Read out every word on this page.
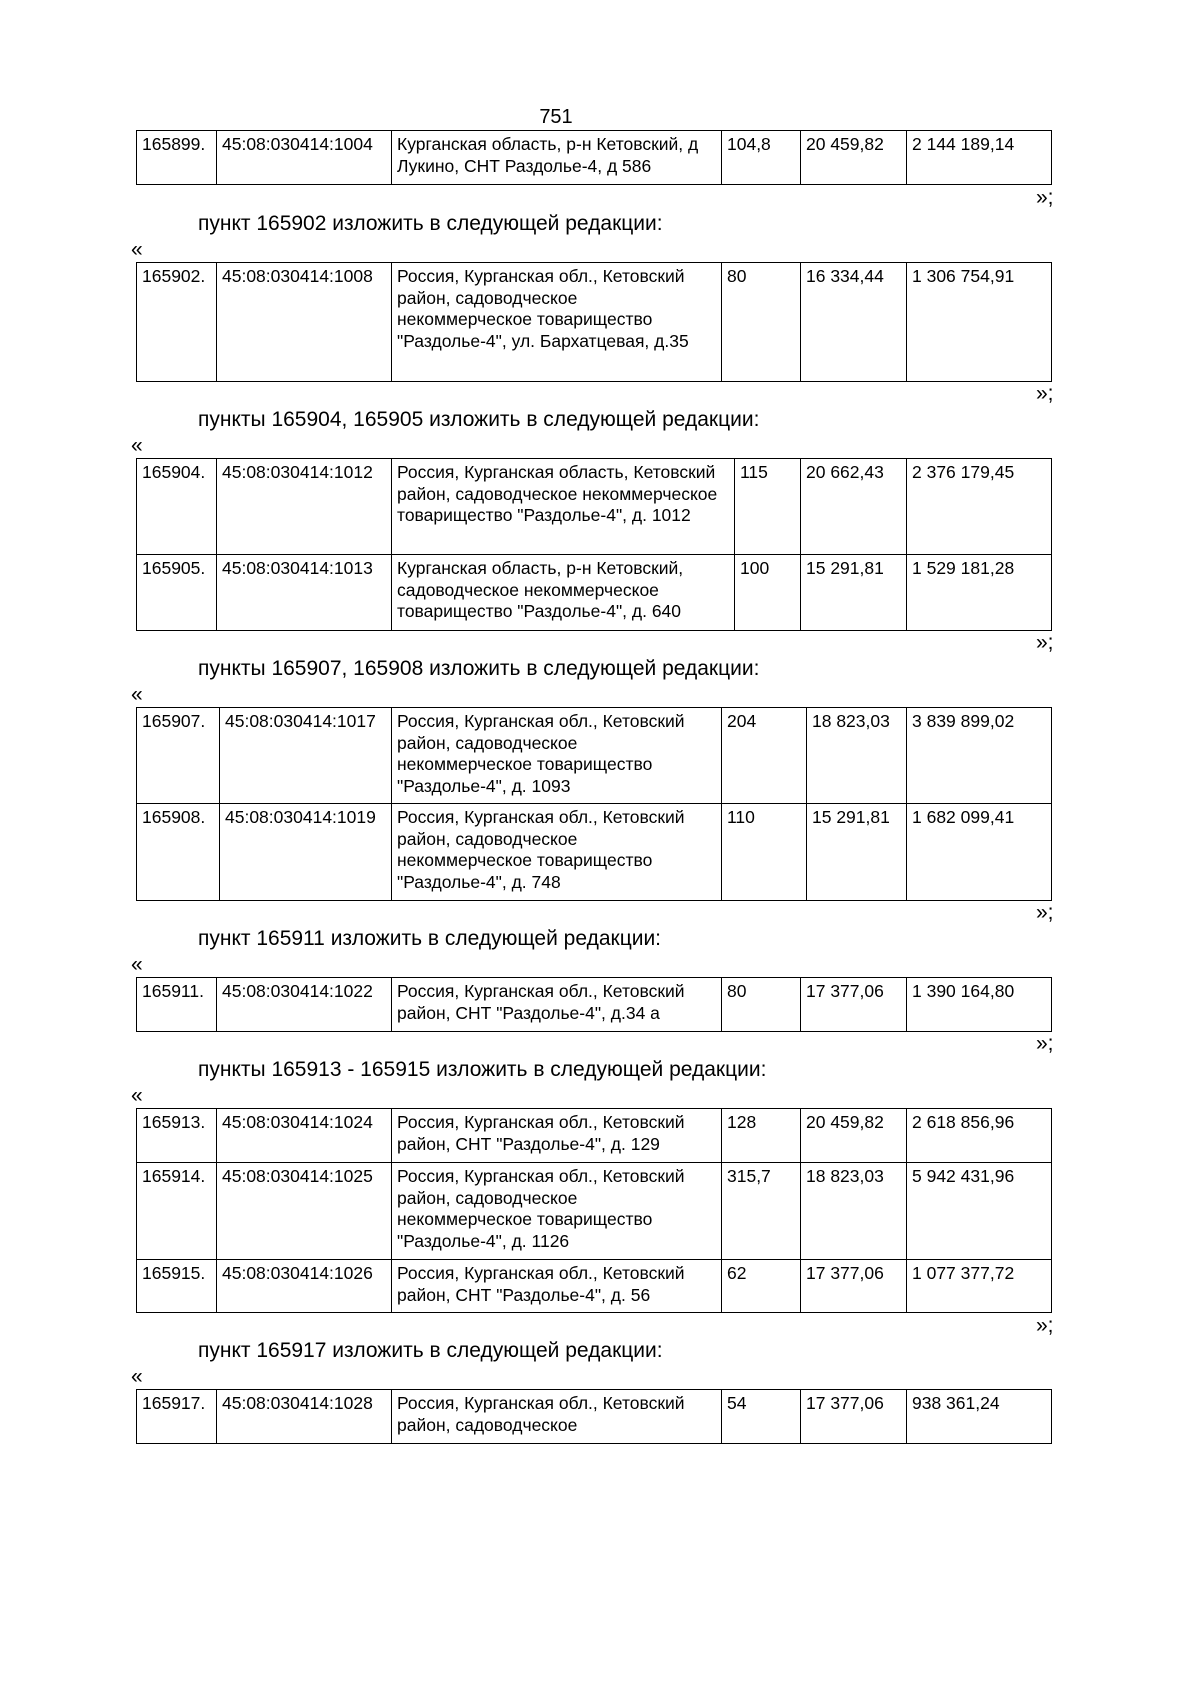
751
165899.	45:08:030414:1004	Курганская область, р-н Кетовский, д Лукино, СНТ Раздолье-4, д 586	104,8	20 459,82	2 144 189,14
»;
пункт 165902 изложить в следующей редакции:
«
165902.	45:08:030414:1008	Россия, Курганская обл., Кетовский район, садоводческое некоммерческое товарищество "Раздолье-4", ул. Бархатцевая, д.35	80	16 334,44	1 306 754,91
»;
пункты 165904, 165905 изложить в следующей редакции:
«
165904.	45:08:030414:1012	Россия, Курганская область, Кетовский район, садоводческое некоммерческое товарищество "Раздолье-4", д. 1012	115	20 662,43	2 376 179,45
165905.	45:08:030414:1013	Курганская область, р-н Кетовский, садоводческое некоммерческое товарищество "Раздолье-4", д. 640	100	15 291,81	1 529 181,28
»;
пункты 165907, 165908 изложить в следующей редакции:
«
165907.	45:08:030414:1017	Россия, Курганская обл., Кетовский район, садоводческое некоммерческое товарищество "Раздолье-4", д. 1093	204	18 823,03	3 839 899,02
165908.	45:08:030414:1019	Россия, Курганская обл., Кетовский район, садоводческое некоммерческое товарищество "Раздолье-4", д. 748	110	15 291,81	1 682 099,41
»;
пункт 165911 изложить в следующей редакции:
«
165911.	45:08:030414:1022	Россия, Курганская обл., Кетовский район, СНТ "Раздолье-4", д.34 а	80	17 377,06	1 390 164,80
»;
пункты 165913 - 165915 изложить в следующей редакции:
«
165913.	45:08:030414:1024	Россия, Курганская обл., Кетовский район, СНТ "Раздолье-4", д. 129	128	20 459,82	2 618 856,96
165914.	45:08:030414:1025	Россия, Курганская обл., Кетовский район, садоводческое некоммерческое товарищество "Раздолье-4", д. 1126	315,7	18 823,03	5 942 431,96
165915.	45:08:030414:1026	Россия, Курганская обл., Кетовский район, СНТ "Раздолье-4", д. 56	62	17 377,06	1 077 377,72
»;
пункт 165917 изложить в следующей редакции:
«
165917.	45:08:030414:1028	Россия, Курганская обл., Кетовский район, садоводческое	54	17 377,06	938 361,24
